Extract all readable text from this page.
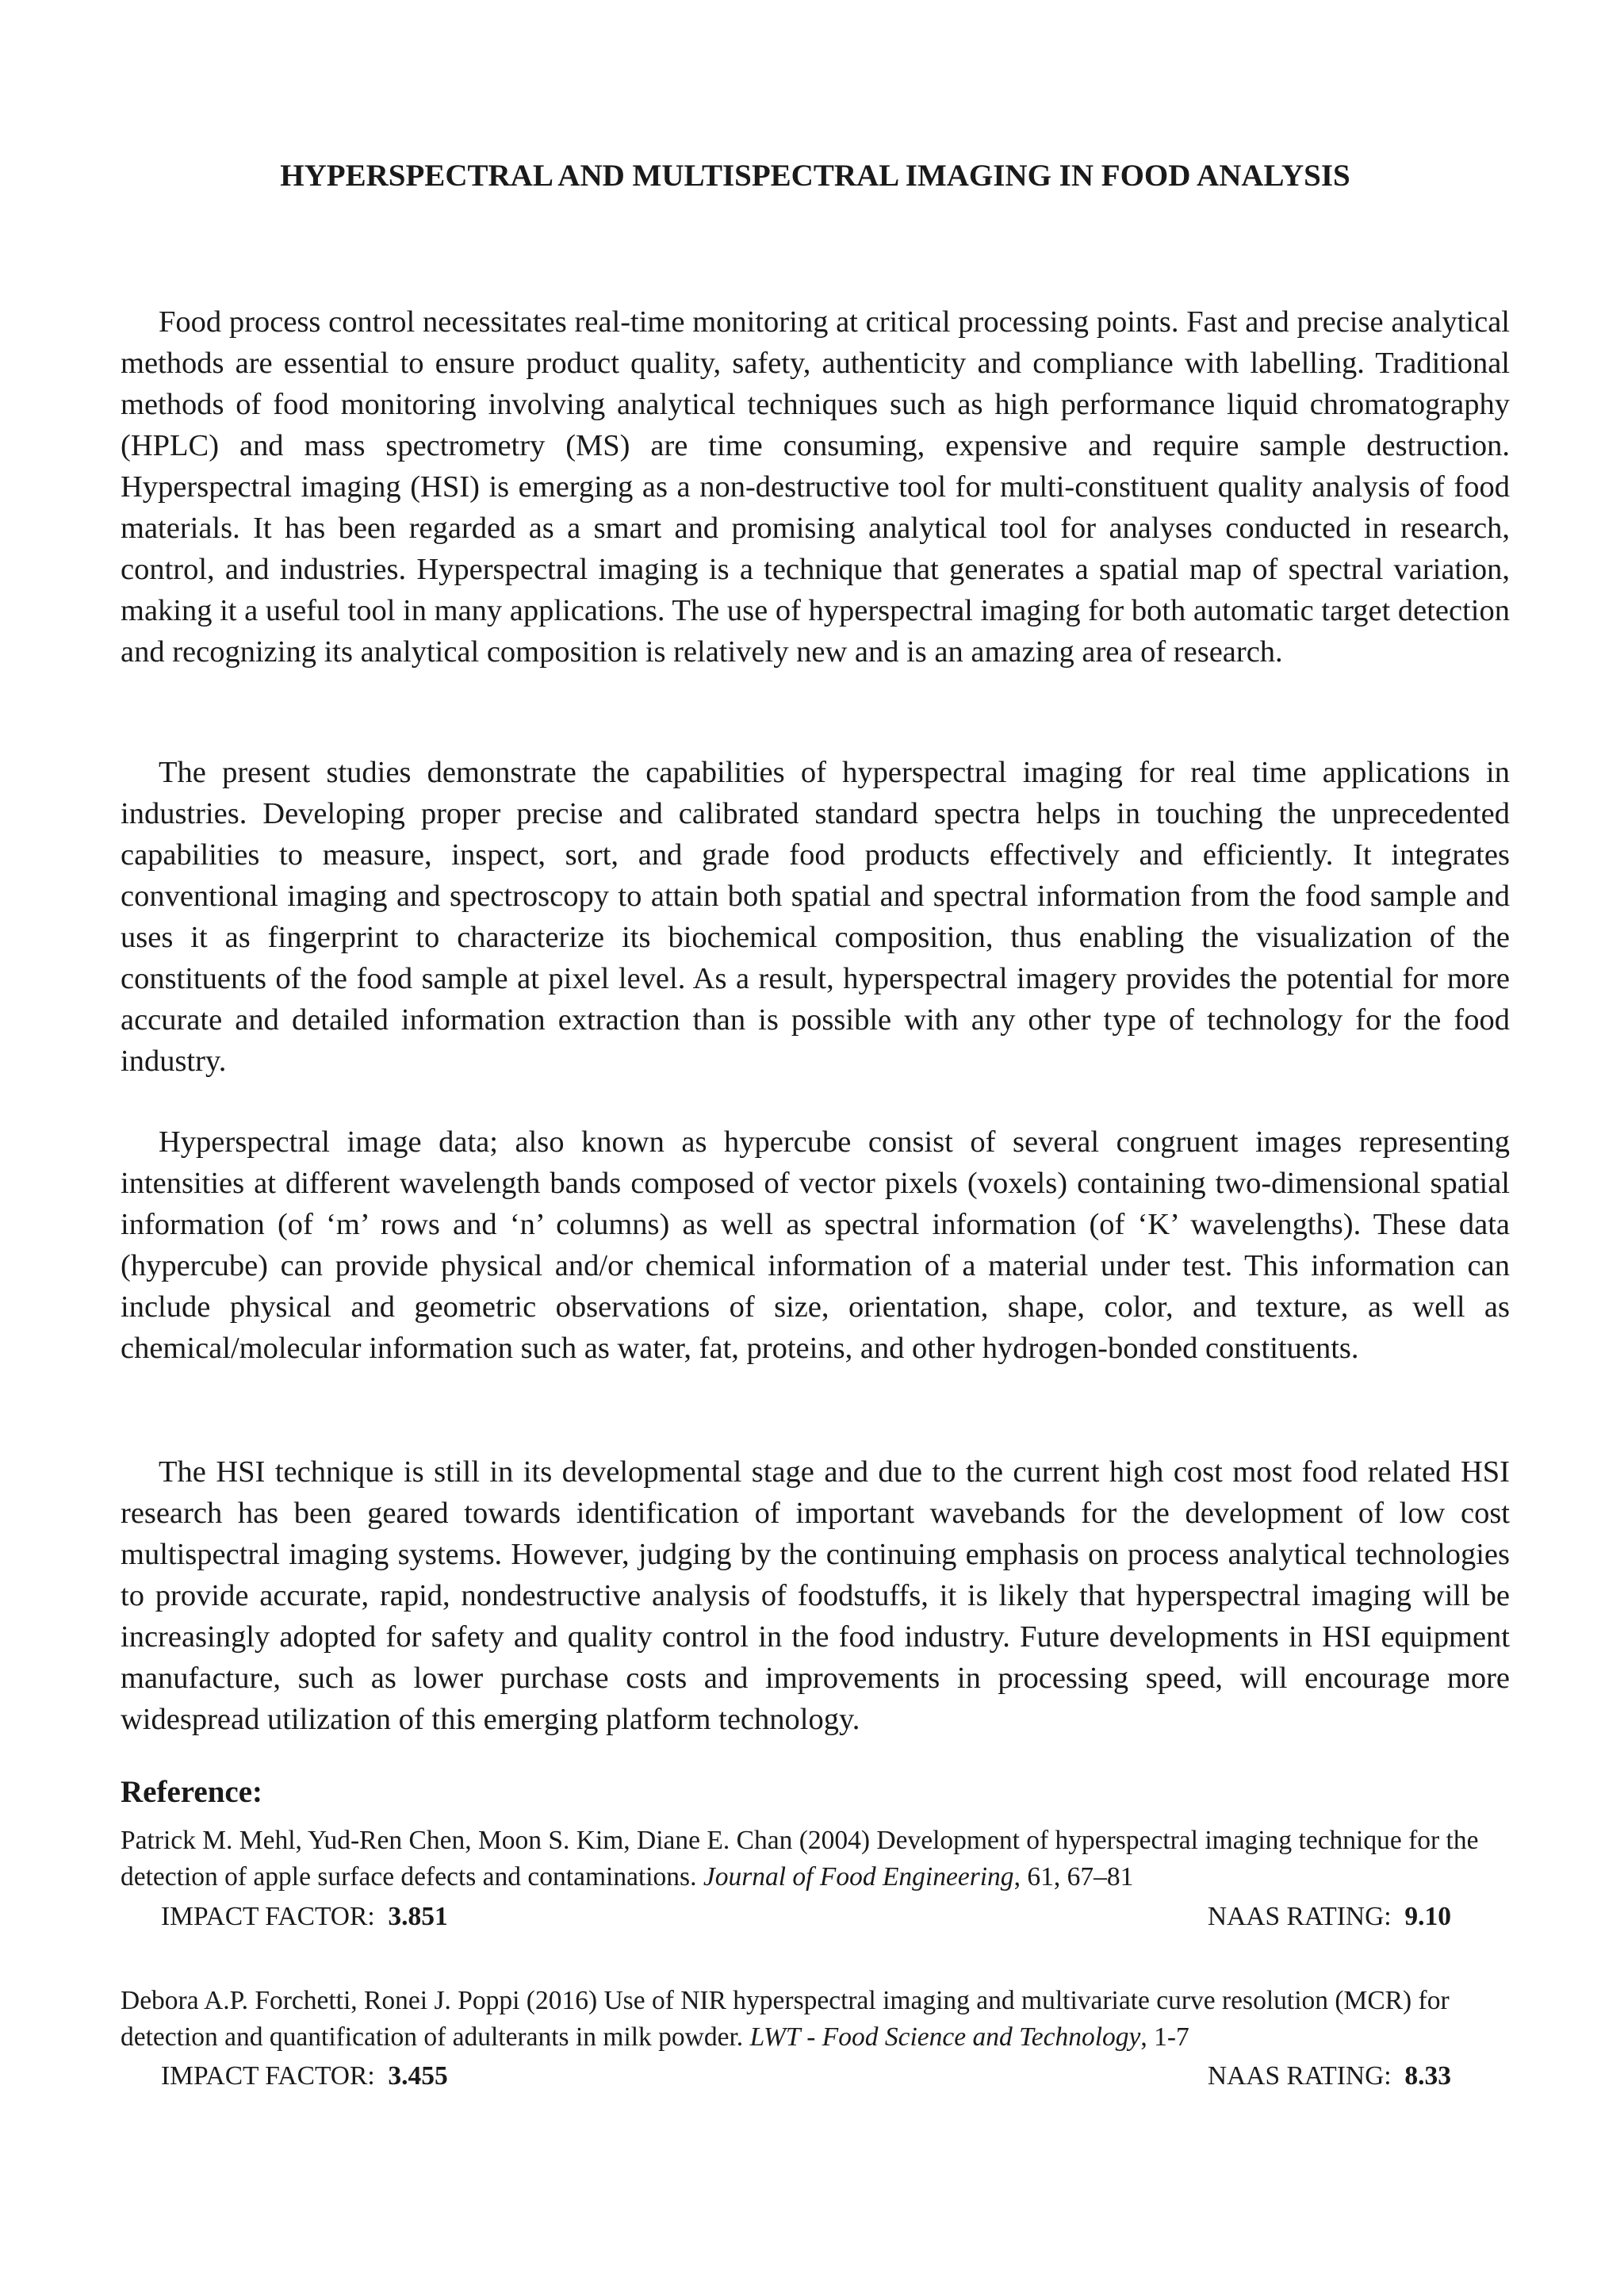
HYPERSPECTRAL AND MULTISPECTRAL IMAGING IN FOOD ANALYSIS

Food process control necessitates real-time monitoring at critical processing points. Fast and precise analytical methods are essential to ensure product quality, safety, authenticity and compliance with labelling. Traditional methods of food monitoring involving analytical techniques such as high performance liquid chromatography (HPLC) and mass spectrometry (MS) are time consuming, expensive and require sample destruction. Hyperspectral imaging (HSI) is emerging as a non-destructive tool for multi-constituent quality analysis of food materials. It has been regarded as a smart and promising analytical tool for analyses conducted in research, control, and industries. Hyperspectral imaging is a technique that generates a spatial map of spectral variation, making it a useful tool in many applications. The use of hyperspectral imaging for both automatic target detection and recognizing its analytical composition is relatively new and is an amazing area of research.

The present studies demonstrate the capabilities of hyperspectral imaging for real time applications in industries. Developing proper precise and calibrated standard spectra helps in touching the unprecedented capabilities to measure, inspect, sort, and grade food products effectively and efficiently. It integrates conventional imaging and spectroscopy to attain both spatial and spectral information from the food sample and uses it as fingerprint to characterize its biochemical composition, thus enabling the visualization of the constituents of the food sample at pixel level. As a result, hyperspectral imagery provides the potential for more accurate and detailed information extraction than is possible with any other type of technology for the food industry.

Hyperspectral image data; also known as hypercube consist of several congruent images representing intensities at different wavelength bands composed of vector pixels (voxels) containing two-dimensional spatial information (of ‘m’ rows and ‘n’ columns) as well as spectral information (of ‘K’ wavelengths). These data (hypercube) can provide physical and/or chemical information of a material under test. This information can include physical and geometric observations of size, orientation, shape, color, and texture, as well as chemical/molecular information such as water, fat, proteins, and other hydrogen-bonded constituents.

The HSI technique is still in its developmental stage and due to the current high cost most food related HSI research has been geared towards identification of important wavebands for the development of low cost multispectral imaging systems. However, judging by the continuing emphasis on process analytical technologies to provide accurate, rapid, nondestructive analysis of foodstuffs, it is likely that hyperspectral imaging will be increasingly adopted for safety and quality control in the food industry. Future developments in HSI equipment manufacture, such as lower purchase costs and improvements in processing speed, will encourage more widespread utilization of this emerging platform technology.

Reference:

Patrick M. Mehl, Yud-Ren Chen, Moon S. Kim, Diane E. Chan (2004) Development of hyperspectral imaging technique for the detection of apple surface defects and contaminations. Journal of Food Engineering, 61, 67–81

IMPACT FACTOR: 3.851	NAAS RATING: 9.10

Debora A.P. Forchetti, Ronei J. Poppi (2016) Use of NIR hyperspectral imaging and multivariate curve resolution (MCR) for detection and quantification of adulterants in milk powder. LWT - Food Science and Technology, 1-7

IMPACT FACTOR: 3.455	NAAS RATING: 8.33
